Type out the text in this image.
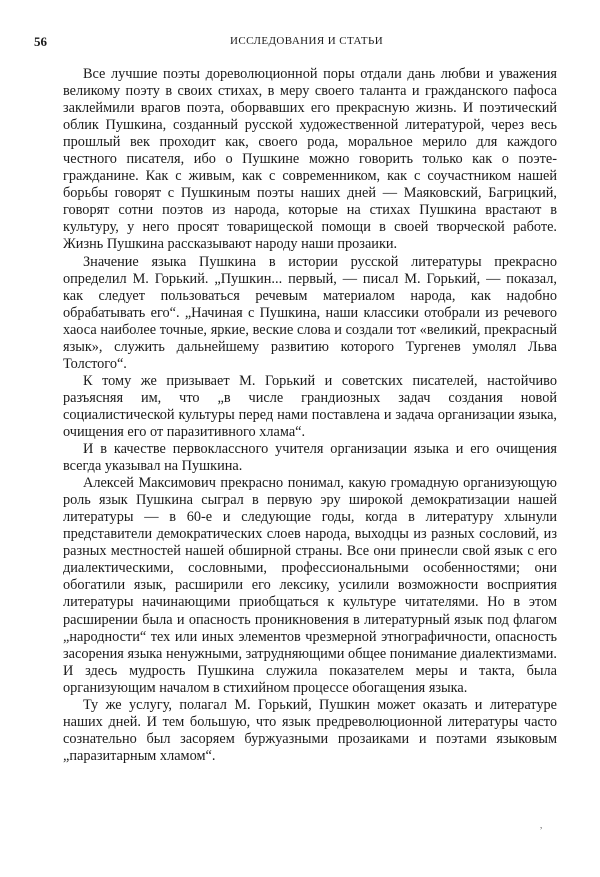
56	ИССЛЕДОВАНИЯ И СТАТЬИ

Все лучшие поэты дореволюционной поры отдали дань любви и уважения великому поэту в своих стихах, в меру своего таланта и гражданского пафоса заклеймили врагов поэта, оборвавших его прекрасную жизнь. И поэтический облик Пушкина, созданный русской художественной литературой, через весь прошлый век проходит как, своего рода, моральное мерило для каждого честного писателя, ибо о Пушкине можно говорить только как о поэте-гражданине. Как с живым, как с современником, как с соучастником нашей борьбы говорят с Пушкиным поэты наших дней — Маяковский, Багрицкий, говорят сотни поэтов из народа, которые на стихах Пушкина врастают в культуру, у него просят товарищеской помощи в своей творческой работе. Жизнь Пушкина рассказывают народу наши прозаики.

Значение языка Пушкина в истории русской литературы прекрасно определил М. Горький. „Пушкин... первый, — писал М. Горький, — показал, как следует пользоваться речевым материалом народа, как надобно обрабатывать его“. „Начиная с Пушкина, наши классики отобрали из речевого хаоса наиболее точные, яркие, веские слова и создали тот «великий, прекрасный язык», служить дальнейшему развитию которого Тургенев умолял Льва Толстого“.

К тому же призывает М. Горький и советских писателей, настойчиво разъясняя им, что „в числе грандиозных задач создания новой социалистической культуры перед нами поставлена и задача организации языка, очищения его от паразитивного хлама“.

И в качестве первоклассного учителя организации языка и его очищения всегда указывал на Пушкина.

Алексей Максимович прекрасно понимал, какую громадную организующую роль язык Пушкина сыграл в первую эру широкой демократизации нашей литературы — в 60-е и следующие годы, когда в литературу хлынули представители демократических слоев народа, выходцы из разных сословий, из разных местностей нашей обширной страны. Все они принесли свой язык с его диалектическими, сословными, профессиональными особенностями; они обогатили язык, расширили его лексику, усилили возможности восприятия литературы начинающими приобщаться к культуре читателями. Но в этом расширении была и опасность проникновения в литературный язык под флагом „народности“ тех или иных элементов чрезмерной этнографичности, опасность засорения языка ненужными, затрудняющими общее понимание диалектизмами. И здесь мудрость Пушкина служила показателем меры и такта, была организующим началом в стихийном процессе обогащения языка.

Ту же услугу, полагал М. Горький, Пушкин может оказать и литературе наших дней. И тем большую, что язык предреволюционной литературы часто сознательно был засоряем буржуазными прозаиками и поэтами языковым „паразитарным хламом“.

,
